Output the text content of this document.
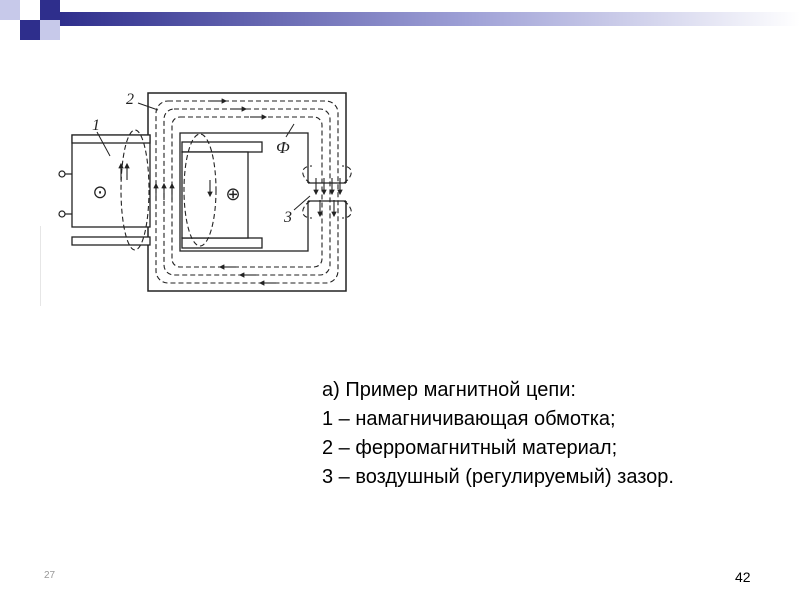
⊙	⊕
1
2
3
Ф
а) Пример магнитной цепи:
1 – намагничивающая обмотка;
2 – ферромагнитный материал;
3 – воздушный (регулируемый) зазор.
27	42
